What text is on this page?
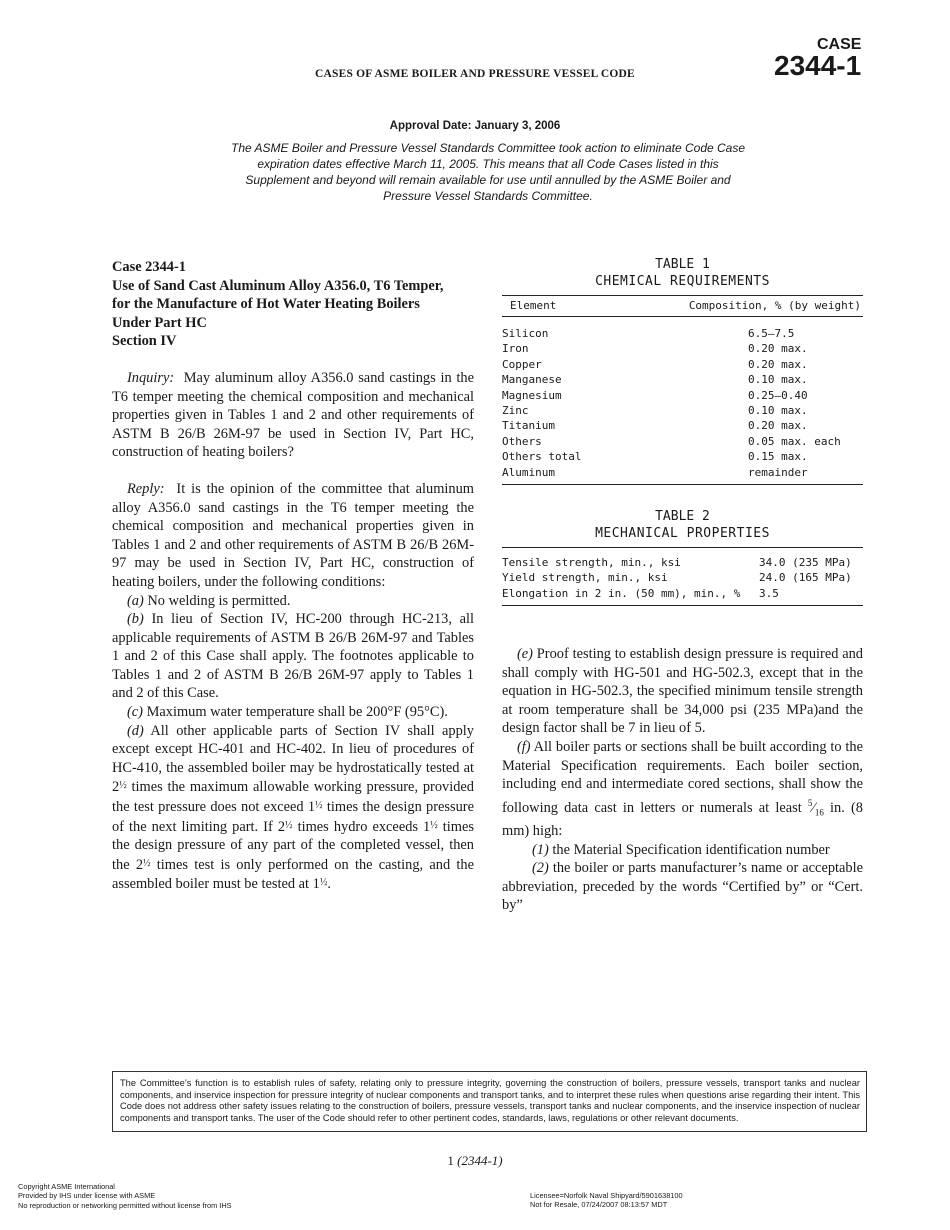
CASES OF ASME BOILER AND PRESSURE VESSEL CODE
CASE
2344-1
Approval Date: January 3, 2006
The ASME Boiler and Pressure Vessel Standards Committee took action to eliminate Code Case expiration dates effective March 11, 2005. This means that all Code Cases listed in this Supplement and beyond will remain available for use until annulled by the ASME Boiler and Pressure Vessel Standards Committee.
Case 2344-1
Use of Sand Cast Aluminum Alloy A356.0, T6 Temper,
for the Manufacture of Hot Water Heating Boilers
Under Part HC
Section IV

Inquiry: May aluminum alloy A356.0 sand castings in the T6 temper meeting the chemical composition and mechanical properties given in Tables 1 and 2 and other requirements of ASTM B 26/B 26M-97 be used in Section IV, Part HC, construction of heating boilers?

Reply: It is the opinion of the committee that aluminum alloy A356.0 sand castings in the T6 temper meeting the chemical composition and mechanical properties given in Tables 1 and 2 and other requirements of ASTM B 26/B 26M-97 may be used in Section IV, Part HC, construction of heating boilers, under the following conditions:

(a) No welding is permitted.

(b) In lieu of Section IV, HC-200 through HC-213, all applicable requirements of ASTM B 26/B 26M-97 and Tables 1 and 2 of this Case shall apply. The footnotes applicable to Tables 1 and 2 of ASTM B 26/B 26M-97 apply to Tables 1 and 2 of this Case.

(c) Maximum water temperature shall be 200°F (95°C).

(d) All other applicable parts of Section IV shall apply except except HC-401 and HC-402. In lieu of procedures of HC-410, the assembled boiler may be hydrostatically tested at $2^{\frac{1}{2}}$ times the maximum allowable working pressure, provided the test pressure does not exceed $1^{\frac{1}{2}}$ times the design pressure of the next limiting part. If $2^{\frac{1}{2}}$ times hydro exceeds $1^{\frac{1}{2}}$ times the design pressure of any part of the completed vessel, then the $2^{\frac{1}{2}}$ times test is only performed on the casting, and the assembled boiler must be tested at $1^{\frac{1}{2}}$.

TABLE 1
CHEMICAL REQUIREMENTS
Element	Composition, % (by weight)
Silicon	6.5–7.5
Iron	0.20 max.
Copper	0.20 max.
Manganese	0.10 max.
Magnesium	0.25–0.40
Zinc	0.10 max.
Titanium	0.20 max.
Others	0.05 max. each
Others total	0.15 max.
Aluminum	remainder
TABLE 2
MECHANICAL PROPERTIES
Tensile strength, min., ksi	34.0 (235 MPa)
Yield strength, min., ksi	24.0 (165 MPa)
Elongation in 2 in. (50 mm), min., %	3.5

(e) Proof testing to establish design pressure is required and shall comply with HG-501 and HG-502.3, except that in the equation in HG-502.3, the specified minimum tensile strength at room temperature shall be 34,000 psi (235 MPa)and the design factor shall be 7 in lieu of 5.

(f) All boiler parts or sections shall be built according to the Material Specification requirements. Each boiler section, including end and intermediate cored sections, shall show the following data cast in letters or numerals at least $^5⁄_{16}$ in. (8 mm) high:

(1) the Material Specification identification number

(2) the boiler or parts manufacturer’s name or acceptable abbreviation, preceded by the words “Certified by” or “Cert. by”

The Committee’s function is to establish rules of safety, relating only to pressure integrity, governing the construction of boilers, pressure vessels, transport tanks and nuclear components, and inservice inspection for pressure integrity of nuclear components and transport tanks, and to interpret these rules when questions arise regarding their intent. This Code does not address other safety issues relating to the construction of boilers, pressure vessels, transport tanks and nuclear components, and the inservice inspection of nuclear components and transport tanks. The user of the Code should refer to other pertinent codes, standards, laws, regulations or other relevant documents.
1 (2344-1)
Copyright ASME International
Provided by IHS under license with ASME
No reproduction or networking permitted without license from IHS
Licensee=Norfolk Naval Shipyard/5901638100
Not for Resale, 07/24/2007 08:13:57 MDT
